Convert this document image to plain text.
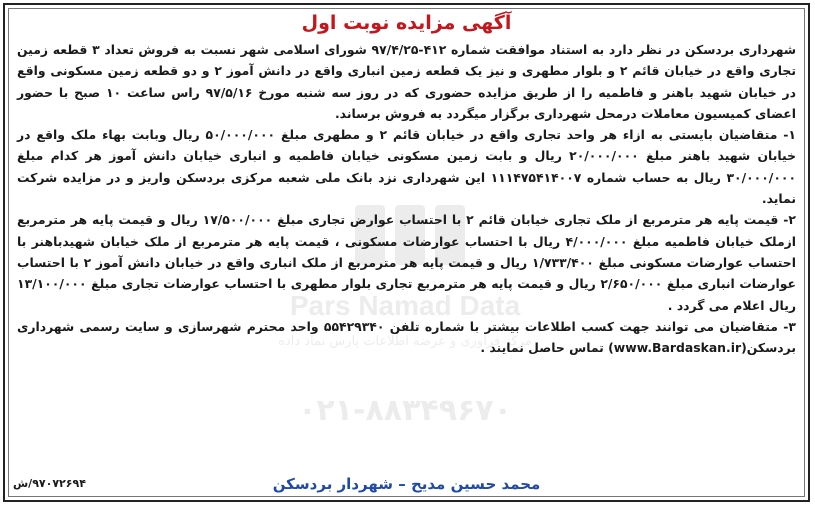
Pars Namad Data
مرکز فراوری و عرضه اطلاعات پارس نماد داده
۰۲۱-۸۸۳۴۹۶۷۰
آگهی مزایده نوبت اول

شهرداری بردسکن در نظر دارد به استناد موافقت شماره ۴۱۲-۹۷/۴/۲۵ شورای اسلامی شهر نسبت به فروش تعداد ۳ قطعه زمین تجاری واقع در خیابان قائم ۲ و بلوار مطهری و نیز یک قطعه زمین انباری واقع در دانش آموز ۲ و دو قطعه زمین مسکونی واقع در خیابان شهید باهنر و فاطمیه را از طریق مزایده حضوری که در روز سه شنبه مورخ ۹۷/۵/۱۶ راس ساعت ۱۰ صبح با حضور اعضای کمیسیون معاملات درمحل شهرداری برگزار میگردد به فروش برساند.

۱- متقاضیان بایستی به ازاء هر واحد تجاری واقع در خیابان قائم ۲ و مطهری مبلغ ۵۰/۰۰۰/۰۰۰ ریال وبابت بهاء ملک واقع در خیابان شهید باهنر مبلغ ۲۰/۰۰۰/۰۰۰ ریال و بابت زمین مسکونی خیابان فاطمیه و انباری خیابان دانش آموز هر کدام مبلغ ۳۰/۰۰۰/۰۰۰ ریال به حساب شماره ۱۱۱۴۷۵۴۱۴۰۰۷ این شهرداری نزد بانک ملی شعبه مرکزی بردسکن واریز و در مزایده شرکت نماید.

۲- قیمت پایه هر مترمربع از ملک تجاری خیابان قائم ۲ با احتساب عوارض تجاری مبلغ ۱۷/۵۰۰/۰۰۰ ریال و قیمت پایه هر مترمربع ازملک خیابان فاطمیه مبلغ ۴/۰۰۰/۰۰۰ ریال با احتساب عوارضات مسکونی ، قیمت پایه هر مترمربع از ملک خیابان شهیدباهنر با احتساب عوارضات مسکونی مبلغ ۱/۷۳۳/۴۰۰ ریال و قیمت پایه هر مترمربع از ملک انباری واقع در خیابان دانش آموز ۲ با احتساب عوارضات انباری مبلغ ۲/۶۵۰/۰۰۰ ریال و قیمت پایه هر مترمربع تجاری بلوار مطهری با احتساب عوارضات تجاری مبلغ ۱۳/۱۰۰/۰۰۰ ریال اعلام می گردد .

۳- متقاضیان می توانند جهت کسب اطلاعات بیشتر با شماره تلفن ۵۵۴۲۹۳۴۰ واحد محترم شهرسازی و سایت رسمی شهرداری بردسکن(www.Bardaskan.ir) تماس حاصل نمایند .

محمد حسین مدیح – شهردار بردسکن
۹۷۰۷۲۶۹۴/ش
